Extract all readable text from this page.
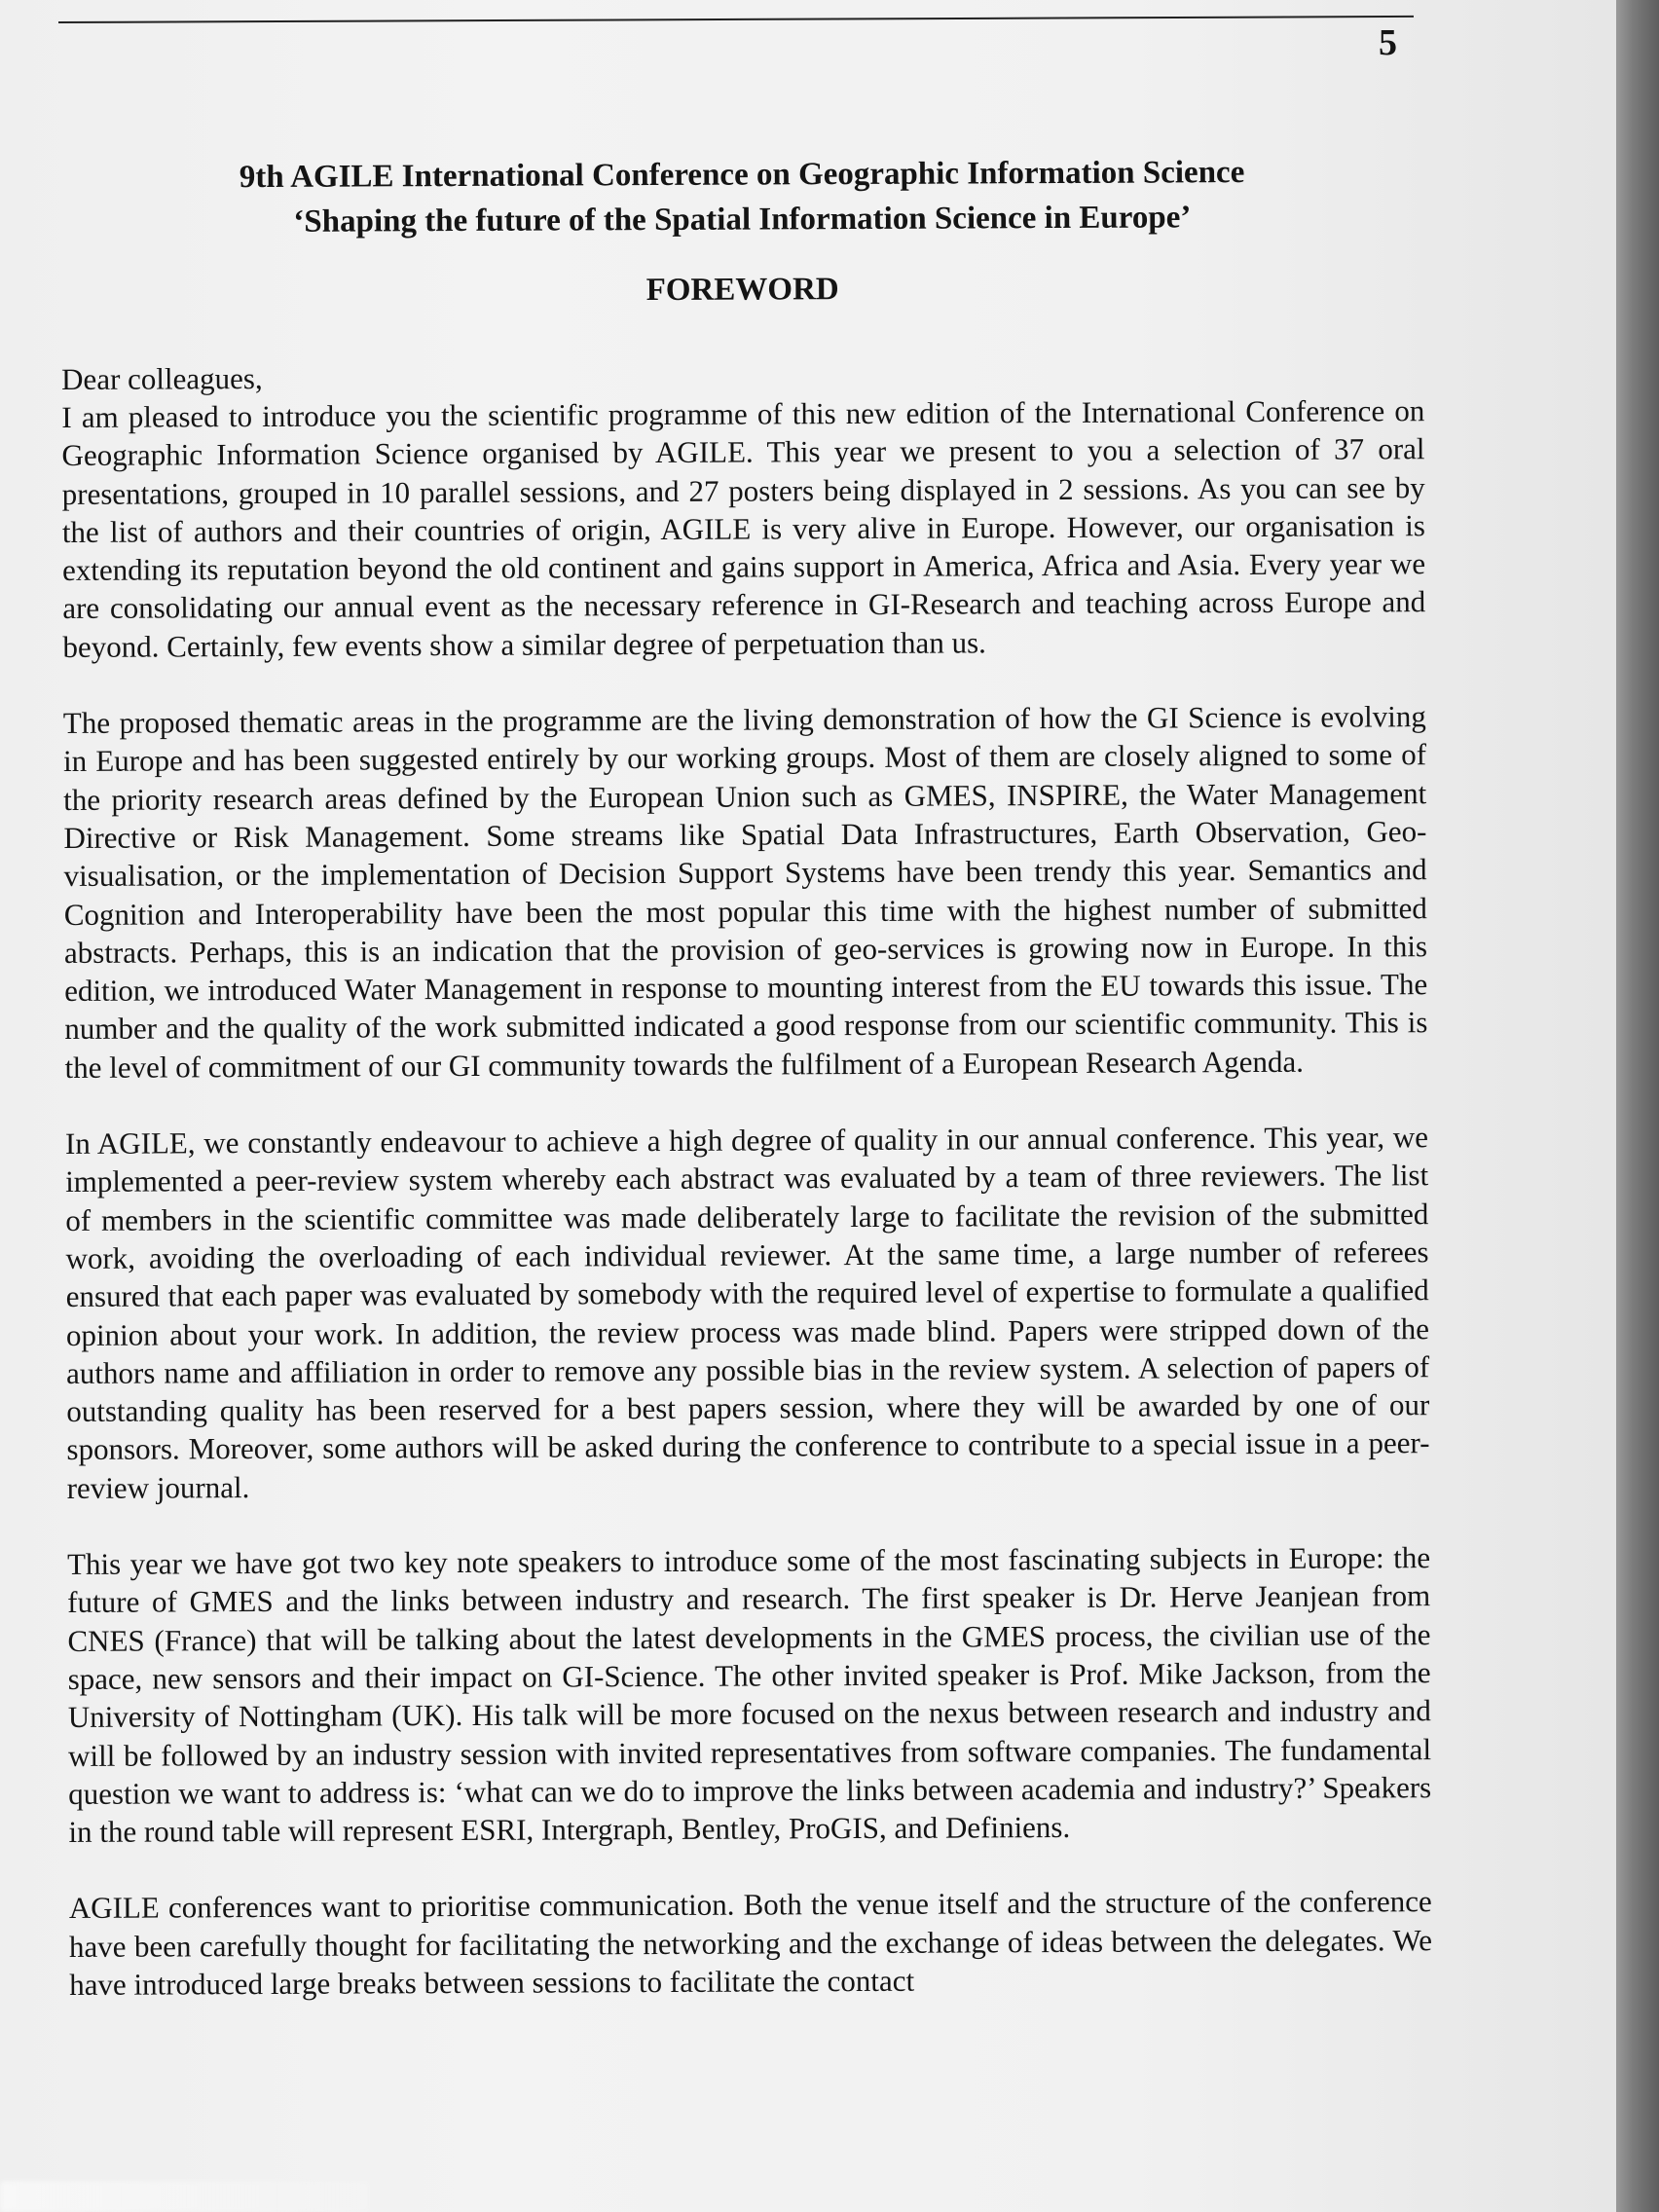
5

9th AGILE International Conference on Geographic Information Science

‘Shaping the future of the Spatial Information Science in Europe’

FOREWORD

Dear colleagues,

I am pleased to introduce you the scientific programme of this new edition of the International Conference on Geographic Information Science organised by AGILE. This year we present to you a selection of 37 oral presentations, grouped in 10 parallel sessions, and 27 posters being displayed in 2 sessions. As you can see by the list of authors and their countries of origin, AGILE is very alive in Europe. However, our organisation is extending its reputation beyond the old continent and gains support in America, Africa and Asia. Every year we are consolidating our annual event as the necessary reference in GI-Research and teaching across Europe and beyond. Certainly, few events show a similar degree of perpetuation than us.

The proposed thematic areas in the programme are the living demonstration of how the GI Science is evolving in Europe and has been suggested entirely by our working groups. Most of them are closely aligned to some of the priority research areas defined by the European Union such as GMES, INSPIRE, the Water Management Directive or Risk Management. Some streams like Spatial Data Infrastructures, Earth Observation, Geo-visualisation, or the implementation of Decision Support Systems have been trendy this year. Semantics and Cognition and Interoperability have been the most popular this time with the highest number of submitted abstracts. Perhaps, this is an indication that the provision of geo-services is growing now in Europe. In this edition, we introduced Water Management in response to mounting interest from the EU towards this issue. The number and the quality of the work submitted indicated a good response from our scientific community. This is the level of commitment of our GI community towards the fulfilment of a European Research Agenda.

In AGILE, we constantly endeavour to achieve a high degree of quality in our annual conference. This year, we implemented a peer-review system whereby each abstract was evaluated by a team of three reviewers. The list of members in the scientific committee was made deliberately large to facilitate the revision of the submitted work, avoiding the overloading of each individual reviewer. At the same time, a large number of referees ensured that each paper was evaluated by somebody with the required level of expertise to formulate a qualified opinion about your work. In addition, the review process was made blind. Papers were stripped down of the authors name and affiliation in order to remove any possible bias in the review system. A selection of papers of outstanding quality has been reserved for a best papers session, where they will be awarded by one of our sponsors. Moreover, some authors will be asked during the conference to contribute to a special issue in a peer-review journal.

This year we have got two key note speakers to introduce some of the most fascinating subjects in Europe: the future of GMES and the links between industry and research. The first speaker is Dr. Herve Jeanjean from CNES (France) that will be talking about the latest developments in the GMES process, the civilian use of the space, new sensors and their impact on GI-Science. The other invited speaker is Prof. Mike Jackson, from the University of Nottingham (UK). His talk will be more focused on the nexus between research and industry and will be followed by an industry session with invited representatives from software companies. The fundamental question we want to address is: ‘what can we do to improve the links between academia and industry?’ Speakers in the round table will represent ESRI, Intergraph, Bentley, ProGIS, and Definiens.

AGILE conferences want to prioritise communication. Both the venue itself and the structure of the conference have been carefully thought for facilitating the networking and the exchange of ideas between the delegates. We have introduced large breaks between sessions to facilitate the contact
